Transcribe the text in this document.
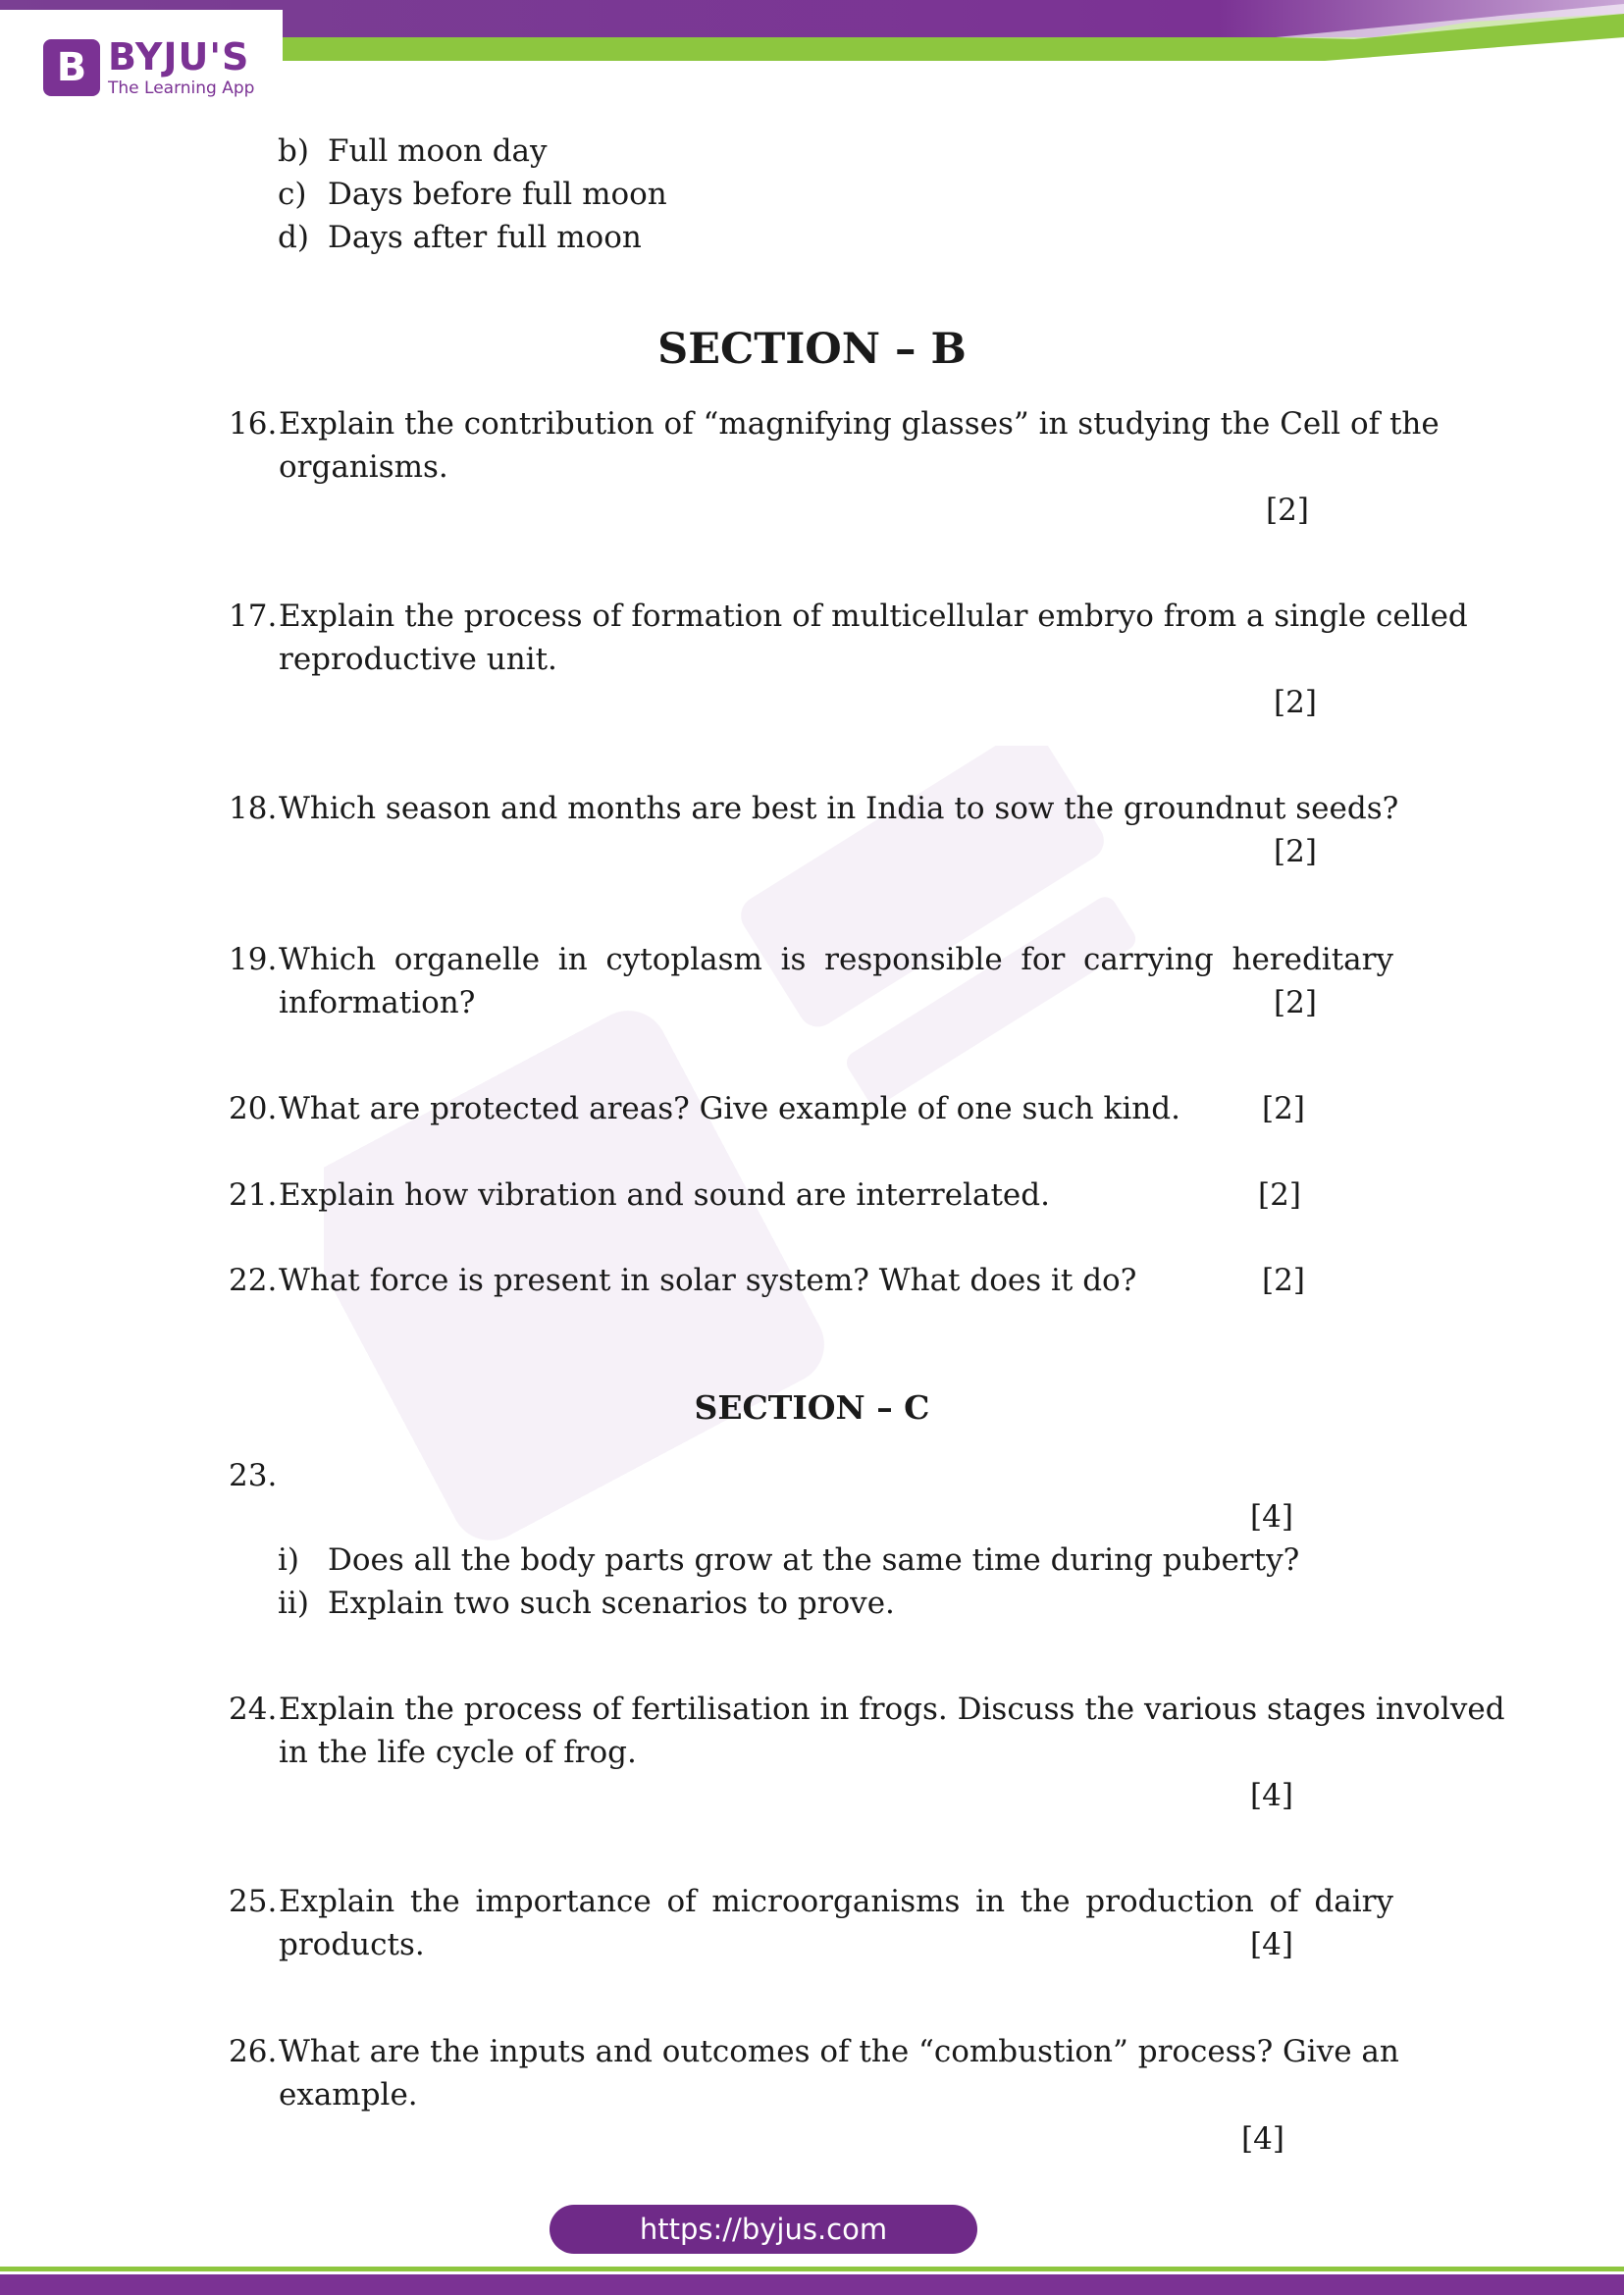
B BYJU'S
The Learning App
b) Full moon day
c) Days before full moon
d) Days after full moon
SECTION – B
16. Explain the contribution of “magnifying glasses” in studying the Cell of the
organisms.
[2]
17. Explain the process of formation of multicellular embryo from a single celled
reproductive unit.
[2]
18. Which season and months are best in India to sow the groundnut seeds?
[2]
19. Which organelle in cytoplasm is responsible for carrying hereditary
information?	[2]
20. What are protected areas? Give example of one such kind.	[2]
21. Explain how vibration and sound are interrelated.	[2]
22. What force is present in solar system? What does it do?	[2]
SECTION – C
23.
[4]
i) Does all the body parts grow at the same time during puberty?
ii) Explain two such scenarios to prove.
24. Explain the process of fertilisation in frogs. Discuss the various stages involved
in the life cycle of frog.
[4]
25. Explain the importance of microorganisms in the production of dairy
products.	[4]
26. What are the inputs and outcomes of the “combustion” process? Give an
example.
[4]
https://byjus.com
